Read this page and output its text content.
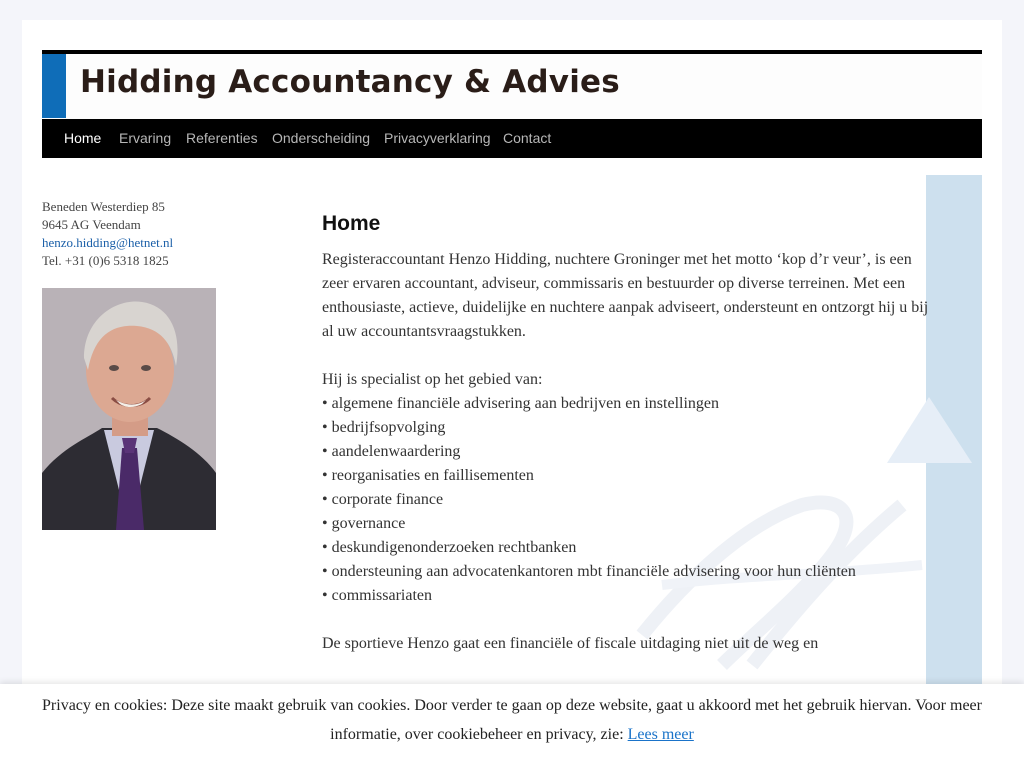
Hidding Accountancy & Advies
Home Ervaring Referenties Onderscheiding Privacyverklaring Contact
Beneden Westerdiep 85
9645 AG Veendam
henzo.hidding@hetnet.nl
Tel. +31 (0)6 5318 1825
Home

Registeraccountant Henzo Hidding, nuchtere Groninger met het motto ‘kop d’r veur’, is een zeer ervaren accountant, adviseur, commissaris en bestuurder op diverse terreinen. Met een enthousiaste, actieve, duidelijke en nuchtere aanpak adviseert, ondersteunt en ontzorgt hij u bij al uw accountantsvraagstukken.

Hij is specialist op het gebied van:
• algemene financiële advisering aan bedrijven en instellingen
• bedrijfsopvolging
• aandelenwaardering
• reorganisaties en faillisementen
• corporate finance
• governance
• deskundigenonderzoeken rechtbanken
• ondersteuning aan advocatenkantoren mbt financiële advisering voor hun cliënten
• commissariaten

De sportieve Henzo gaat een financiële of fiscale uitdaging niet uit de weg en

Privacy en cookies: Deze site maakt gebruik van cookies. Door verder te gaan op deze website, gaat u akkoord met het gebruik hiervan. Voor meer informatie, over cookiebeheer en privacy, zie: Lees meer
